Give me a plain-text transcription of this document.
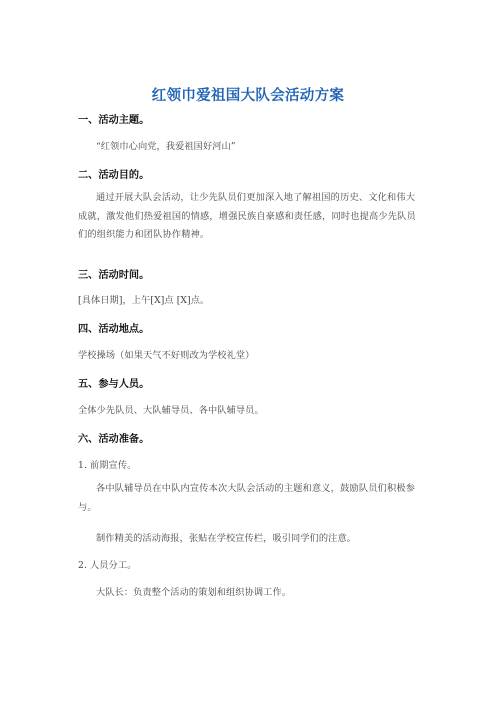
红领巾爱祖国大队会活动方案
一、活动主题。
“红领巾心向党，我爱祖国好河山”
二、活动目的。
通过开展大队会活动，让少先队员们更加深入地了解祖国的历史、文化和伟大成就，激发他们热爱祖国的情感，增强民族自豪感和责任感，同时也提高少先队员们的组织能力和团队协作精神。
三、活动时间。
[具体日期]，上午[X]点 [X]点。
四、活动地点。
学校操场（如果天气不好则改为学校礼堂）
五、参与人员。
全体少先队员、大队辅导员、各中队辅导员。
六、活动准备。
1. 前期宣传。
各中队辅导员在中队内宣传本次大队会活动的主题和意义，鼓励队员们积极参与。
制作精美的活动海报，张贴在学校宣传栏，吸引同学们的注意。
2. 人员分工。
大队长：负责整个活动的策划和组织协调工作。
